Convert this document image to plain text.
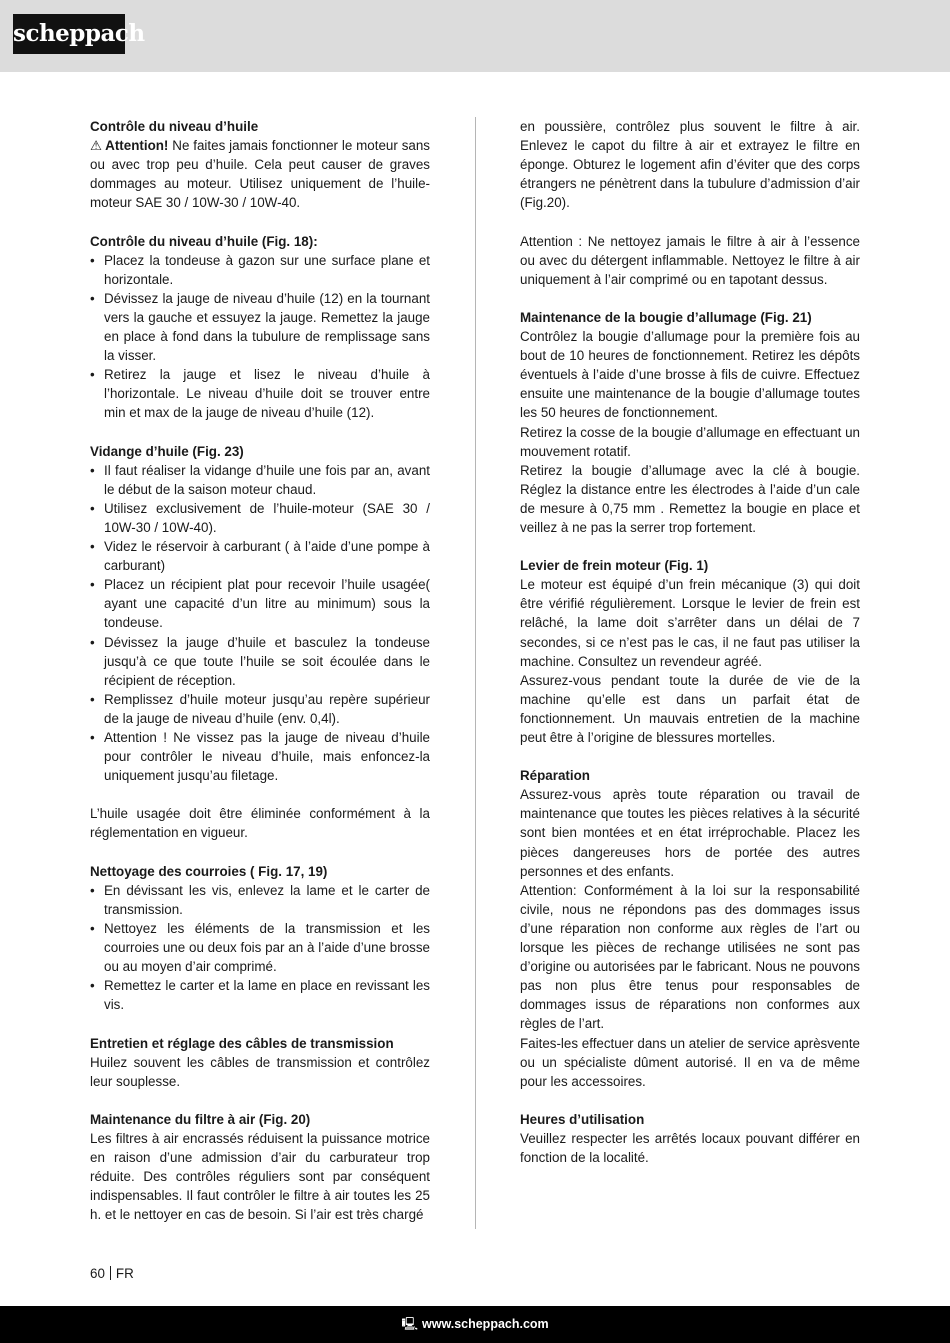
scheppach

Contrôle du niveau d’huile

⚠ Attention! Ne faites jamais fonctionner le moteur sans ou avec trop peu d’huile. Cela peut causer de graves dommages au moteur. Utilisez uniquement de l’huile-moteur SAE 30 / 10W-30 / 10W-40.

Contrôle du niveau d’huile (Fig. 18):

• Placez la tondeuse à gazon sur une surface plane et horizontale.
• Dévissez la jauge de niveau d’huile (12) en la tournant vers la gauche et essuyez la jauge. Remettez la jauge en place à fond dans la tubulure de remplissage sans la visser.
• Retirez la jauge et lisez le niveau d’huile à l’horizontale. Le niveau d’huile doit se trouver entre min et max de la jauge de niveau d’huile (12).

Vidange d’huile (Fig. 23)

• Il faut réaliser la vidange d’huile une fois par an, avant le début de la saison moteur chaud.
• Utilisez exclusivement de l’huile-moteur (SAE 30 / 10W-30 / 10W-40).
• Videz le réservoir à carburant ( à l’aide d’une pompe à carburant)
• Placez un récipient plat pour recevoir l’huile usagée( ayant une capacité d’un litre au minimum) sous la tondeuse.
• Dévissez la jauge d’huile et basculez la tondeuse jusqu’à ce que toute l’huile se soit écoulée dans le récipient de réception.
• Remplissez d’huile moteur jusqu’au repère supérieur de la jauge de niveau d’huile (env. 0,4l).
• Attention ! Ne vissez pas la jauge de niveau d’huile pour contrôler le niveau d’huile, mais enfoncez-la uniquement jusqu’au filetage.

L’huile usagée doit être éliminée conformément à la réglementation en vigueur.

Nettoyage des courroies ( Fig. 17, 19)

• En dévissant les vis, enlevez la lame et le carter de transmission.
• Nettoyez les éléments de la transmission et les courroies une ou deux fois par an à l’aide d’une brosse ou au moyen d’air comprimé.
• Remettez le carter et la lame en place en revissant les vis.

Entretien et réglage des câbles de transmission

Huilez souvent les câbles de transmission et contrôlez leur souplesse.

Maintenance du filtre à air (Fig. 20)

Les filtres à air encrassés réduisent la puissance motrice en raison d’une admission d’air du carburateur trop réduite. Des contrôles réguliers sont par conséquent indispensables. Il faut contrôler le filtre à air toutes les 25 h. et le nettoyer en cas de besoin. Si l’air est très chargé

en poussière, contrôlez plus souvent le filtre à air. Enlevez le capot du filtre à air et extrayez le filtre en éponge. Obturez le logement afin d’éviter que des corps étrangers ne pénètrent dans la tubulure d’admission d’air (Fig.20).

Attention : Ne nettoyez jamais le filtre à air à l’essence ou avec du détergent inflammable. Nettoyez le filtre à air uniquement à l’air comprimé ou en tapotant dessus.

Maintenance de la bougie d’allumage (Fig. 21)

Contrôlez la bougie d’allumage pour la première fois au bout de 10 heures de fonctionnement. Retirez les dépôts éventuels à l’aide d’une brosse à fils de cuivre. Effectuez ensuite une maintenance de la bougie d’allumage toutes les 50 heures de fonctionnement.

Retirez la cosse de la bougie d’allumage en effectuant un mouvement rotatif.

Retirez la bougie d’allumage avec la clé à bougie. Réglez la distance entre les électrodes à l’aide d’un cale de mesure à 0,75 mm . Remettez la bougie en place et veillez à ne pas la serrer trop fortement.

Levier de frein moteur (Fig. 1)

Le moteur est équipé d’un frein mécanique (3) qui doit être vérifié régulièrement. Lorsque le levier de frein est relâché, la lame doit s’arrêter dans un délai de 7 secondes, si ce n’est pas le cas, il ne faut pas utiliser la machine. Consultez un revendeur agréé.

Assurez-vous pendant toute la durée de vie de la machine qu’elle est dans un parfait état de fonctionnement. Un mauvais entretien de la machine peut être à l’origine de blessures mortelles.

Réparation

Assurez-vous après toute réparation ou travail de maintenance que toutes les pièces relatives à la sécurité sont bien montées et en état irréprochable. Placez les pièces dangereuses hors de portée des autres personnes et des enfants.

Attention: Conformément à la loi sur la responsabilité civile, nous ne répondons pas des dommages issus d’une réparation non conforme aux règles de l’art ou lorsque les pièces de rechange utilisées ne sont pas d’origine ou autorisées par le fabricant. Nous ne pouvons pas non plus être tenus pour responsables de dommages issus de réparations non conformes aux règles de l’art.

Faites-les effectuer dans un atelier de service aprèsvente ou un spécialiste dûment autorisé. Il en va de même pour les accessoires.

Heures d’utilisation

Veuillez respecter les arrêtés locaux pouvant différer en fonction de la localité.

60 FR
🖳 www.scheppach.com
